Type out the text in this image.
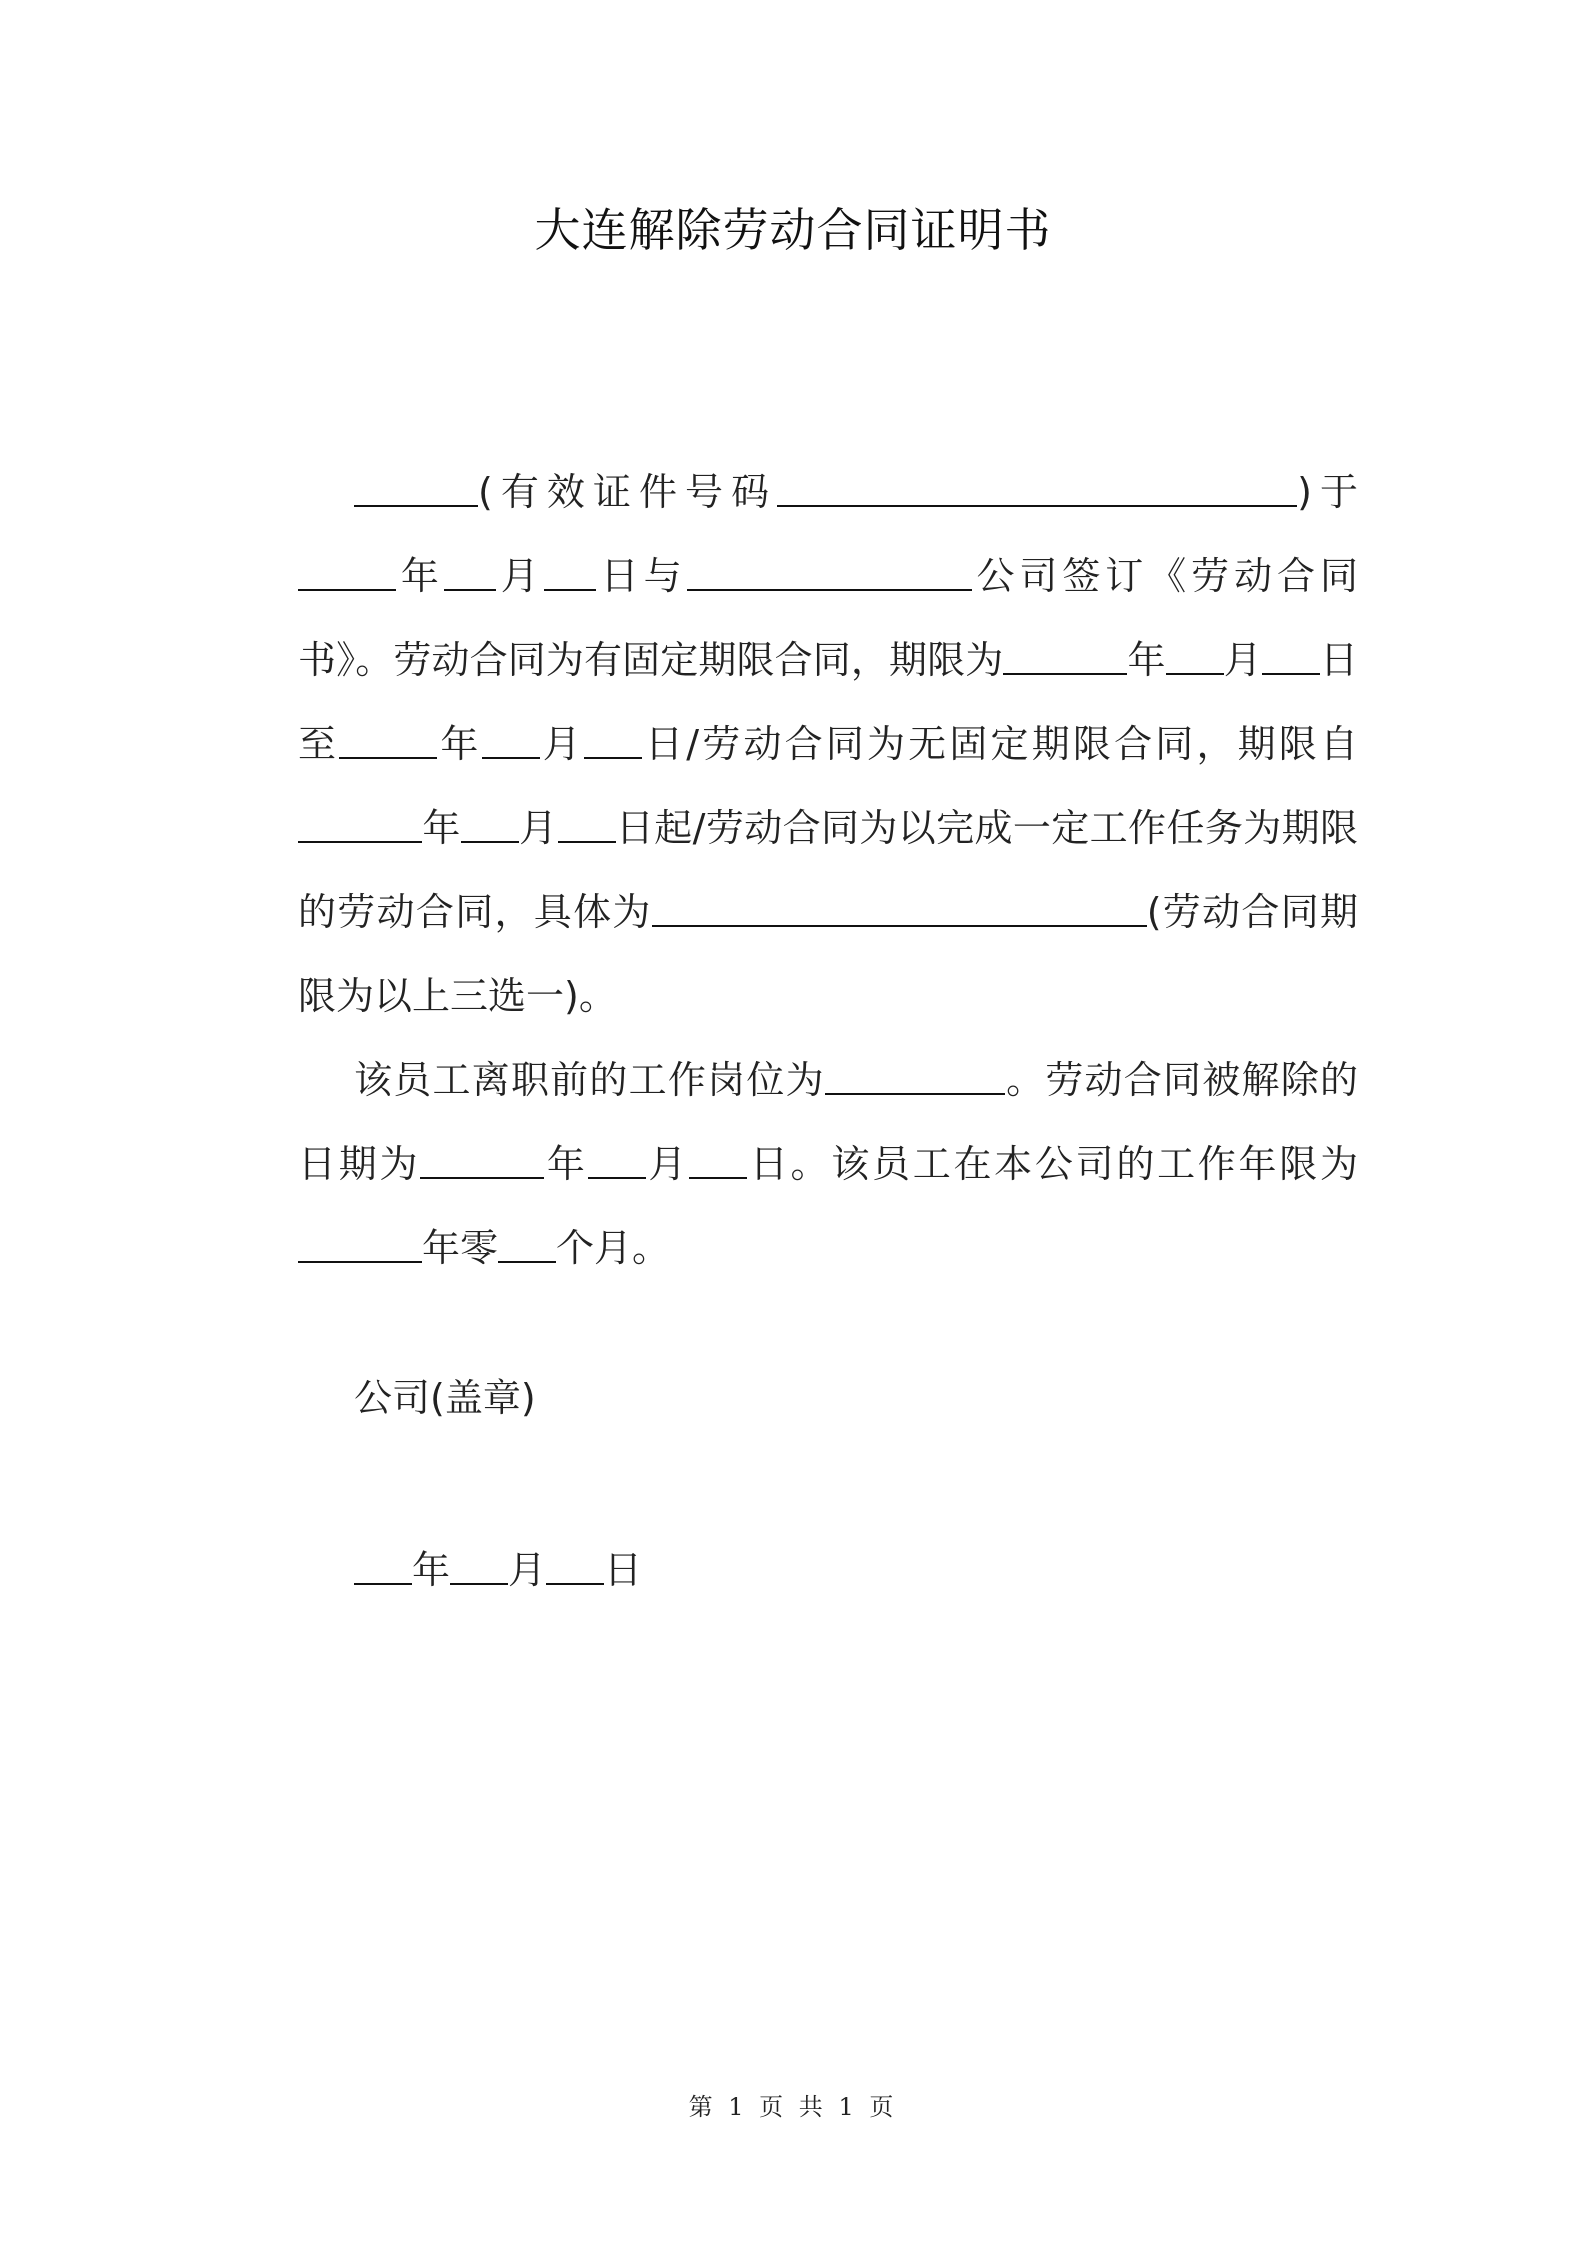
大连解除劳动合同证明书

(有效证件号码	)于年 月 日与	公司签订《劳动合同书》。劳动合同为有固定期限合同，期限为	年 月 日至	年 月 日/劳动合同为无固定期限合同，期限自年 月 日起/劳动合同为以完成一定工作任务为期限的劳动合同，具体为	(劳动合同期限为以上三选一)。

该员工离职前的工作岗位为	。劳动合同被解除的日期为	年 月 日。该员工在本公司的工作年限为年零 个月。

公司(盖章)
年 月 日
第 1 页 共 1 页
